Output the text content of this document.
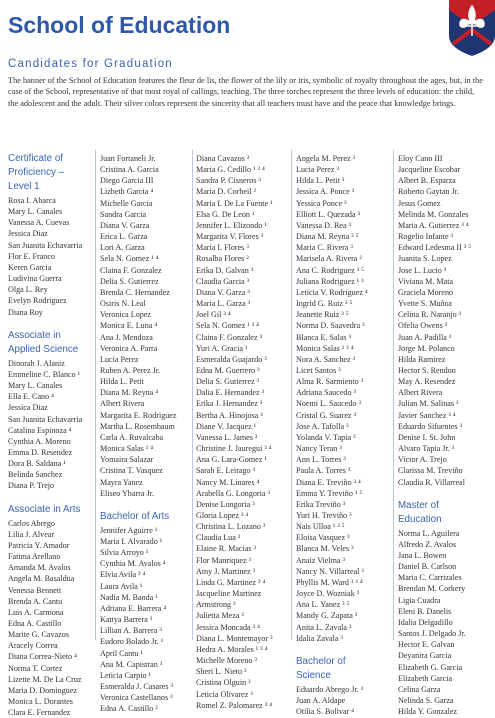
School of Education
Candidates for Graduation

The banner of the School of Education features the fleur de lis, the flower of the lily or iris, symbolic of royalty throughout the ages, but, in the case of the School, representative of that most royal of callings, teaching. The three torches represent the three levels of education: the child, the adolescent and the adult. Their silver colors represent the sincerity that all teachers must have and the peace that knowledge brings.

Certificate of
Proficiency –
Level 1
Rosa I. Abarca
Mary L. Canales
Vanessa A. Cuevas
Jessica Diaz
San Juanita Echavarria
Flor E. Franco
Keren Garcia
Ludivina Guerra
Olga L. Rey
Evelyn Rodriguez
Diana Roy
Associate in
Applied Science
Dinorah J. Alaniz
Emmeline C. Blanco ¹
Mary L. Canales
Ella E. Cano ⁴
Jessica Diaz
San Juanita Echavarria
Catalina Espinoza ⁴
Cynthia A. Moreno
Emma D. Resendez
Dora B. Saldana ¹
Belinda Sanchez
Diana P. Trejo
Associate in Arts
Carlos Abrego
Lilia J. Alvear
Patricia Y. Amador
Fatima Arellano
Amanda M. Avalos
Angela M. Basaldua
Venessa Bennett
Brenda A. Cantu
Luis A. Carmona
Edna A. Castillo
Marite G. Cavazos
Aracely Correa
Diana Correa-Nieto ⁴
Norma T. Cortez
Lizette M. De La Cruz
Maria D. Dominguez
Monica L. Dorantes
Clara E. Fernandez
Juan Fortaneli Jr.
Cristina A. Garcia
Diego Garcia III
Lizbeth Garcia ⁴
Michelle Garcia
Sandra Garcia
Diana V. Garza
Erica L. Garza
Lori A. Garza
Sela N. Gomez ¹ ⁴
Claina F. Gonzalez
Delia S. Gutierrez
Brenda C. Hernandez
Osiris N. Leal
Veronica Lopez
Monica E. Luna ⁴
Ana J. Mendoza
Veronica A. Parra
Lucia Perez
Ruben A. Perez Jr.
Hilda L. Petit
Diana M. Reyna ⁴
Albert Rivera
Margarita E. Rodriguez
Martha L. Rosembaum
Carla A. Ruvalcaba
Monica Salas ¹ ⁴
Yomaira Salazar
Cristina T. Vasquez
Mayra Yanez
Eliseo Ybarra Jr.
Bachelor of Arts
Jennifer Aguirre ¹
Maria I. Alvarado ¹
Silvia Arroyo ¹
Cynthia M. Avalos ⁴
Elvia Avila ³ ⁴
Laura Avila ¹
Nadia M. Banda ¹
Adriana E. Barrera ⁴
Kattya Barrera ³
Lillian A. Barrera ³
Eudoro Bolado Jr. ¹
April Cantu ¹
Ana M. Capistran ³
Leticia Carpio ¹
Esmeralda J. Casares ³
Veronica Castellanos ³
Edna A. Castillo ³
Diana Cavazos ³
Maria G. Cedillo ¹ ³ ⁴
Sandra P. Cisneros ³
Maria D. Corbeil ²
Maria I. De La Fuente ¹
Elsa G. De Leon ¹
Jennifer L. Elizondo ¹
Margarita V. Flores ³
Maria I. Flores ³
Rosalba Flores ²
Erika D. Galvan ³
Claudia Garcia ³
Diana V. Garza ³
Maria L. Garza ³
Joel Gil ³ ⁴
Sela N. Gomez ¹ ³ ⁴
Claina F. Gonzalez ³
Yuri A. Gracia ¹
Esmeralda Guajardo ³
Edna M. Guerrero ³
Delia S. Gutierrez ³
Dalia E. Hernandez ³
Erika J. Hernandez ³
Bertha A. Hinojosa ³
Diane V. Jacquez ¹
Vanessa L. James ³
Christine J. Jauregui ³ ⁴
Ana G. Lara-Gomez ¹
Sarah E. Leirago ³
Nancy M. Linares ⁴
Arabella G. Longoria ³
Denise Longoria ³
Gloria Lopez ³ ⁴
Christina L. Lozano ³
Claudia Lua ³
Elaine R. Macias ³
Flor Manriquez ³
Amy J. Martinez ³
Linda G. Martinez ³ ⁴
Jacqueline Martinez
Armstrong ³
Julietta Meza ³
Jessica Moncada ³ ⁴
Diana L. Montemayor ³
Hedra A. Morales ¹ ³ ⁴
Michelle Moreno ³
Sheri L. Nieto ³
Cristina Olguin ³
Leticia Olivarez ³
Romel Z. Palomarez ³ ⁴
Angela M. Perez ³
Lucia Perez ³
Hilda L. Petit ³
Jessica A. Ponce ³
Yessica Ponce ³
Elliott L. Quezada ³
Vanessa D. Rea ³
Diana M. Reyna ³ ⁵
Maria C. Rivera ³
Marisela A. Rivera ²
Ana C. Rodriguez ³ ⁵
Juliana Rodriguez ¹ ³
Leticia V. Rodriguez ⁴
Ingrid G. Ruiz ³ ⁵
Jeanette Ruiz ³ ⁵
Norma D. Saavedra ³
Blanca E. Salas ³
Monica Salas ¹ ³ ⁴
Nora A. Sanchez ³
Licet Santos ³
Alma R. Sarmiento ³
Adriana Saucedo ³
Noemi L. Saucedo ³
Cristal G. Suarez ³
Jose A. Tafolla ³
Yolanda V. Tapia ³
Nancy Teran ³
Ann L. Torres ³
Paula A. Torres ³
Diana E. Treviño ³ ⁴
Emma Y. Treviño ³ ⁵
Erika Treviño ³
Yuri H. Treviño ³
Nais Ulloa ¹ ³ ⁵
Eloisa Vasquez ³
Blanca M. Veles ³
Anaiz Vielma ³
Nancy N. Villarreal ³
Phyllis M. Ward ¹ ³ ⁴
Joyce D. Wozniak ²
Ana L. Yanez ³ ⁵
Mandy G. Zapata ³
Anita L. Zavala ³
Idalia Zavala ³
Bachelor of
Science
Eduardo Abrego Jr. ³
Juan A. Aldape
Otilia S. Bolivar ⁴
Eloy Cano III
Jacqueline Escobar
Albert B. Esparza
Roberto Gaytan Jr.
Jesus Gomez
Melinda M. Gonzales
Maria A. Gutierrez ³ ⁴
Rogelio Infante ³
Edward Ledesma II ³ ⁵
Juanita S. Lopez
Jose L. Lucio ³
Viviana M. Mata
Graciela Moreno
Yvette S. Muñoz
Celina R. Naranjo ³
Ofelia Owens ³
Juan A. Padilla ³
Jorge M. Polanco
Hilda Ramirez
Hector S. Rendon
May A. Resendez
Albert Rivera
Julian M. Salinas ³
Javier Sanchez ³ ⁴
Eduardo Sifuentes ³
Denise I. St. John
Alvaro Tapia Jr. ³
Victor A. Trejo
Clarissa M. Treviño
Claudia R. Villarreal
Master of
Education
Norma L. Aguilera
Alfredo Z. Avalos
Jana L. Bowen
Daniel B. Carlson
Maria C. Carrizales
Brendan M. Corkery
Ligia Cuadra
Eleni B. Danelis
Idalia Delgadillo
Santos J. Delgado Jr.
Hector E. Galvan
Deyanira Garcia
Elizabeth G. Garcia
Elizabeth Garcia
Celina Garza
Nelinda S. Garza
Hilda Y. Gonzalez
